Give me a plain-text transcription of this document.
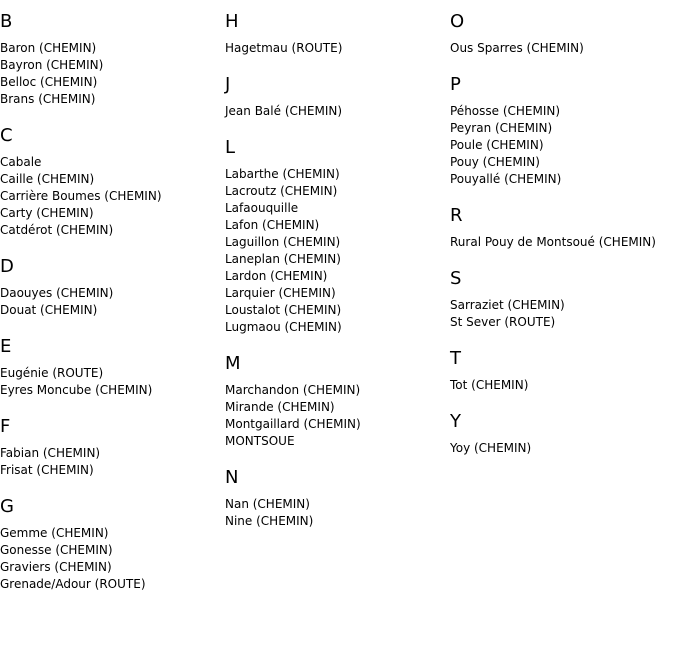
B
Baron (CHEMIN)
Bayron (CHEMIN)
Belloc (CHEMIN)
Brans (CHEMIN)
C
Cabale
Caille (CHEMIN)
Carrière Boumes (CHEMIN)
Carty (CHEMIN)
Catdérot (CHEMIN)
D
Daouyes (CHEMIN)
Douat (CHEMIN)
E
Eugénie (ROUTE)
Eyres Moncube (CHEMIN)
F
Fabian (CHEMIN)
Frisat (CHEMIN)
G
Gemme (CHEMIN)
Gonesse (CHEMIN)
Graviers (CHEMIN)
Grenade/Adour (ROUTE)
H
Hagetmau (ROUTE)
J
Jean Balé (CHEMIN)
L
Labarthe (CHEMIN)
Lacroutz (CHEMIN)
Lafaouquille
Lafon (CHEMIN)
Laguillon (CHEMIN)
Laneplan (CHEMIN)
Lardon (CHEMIN)
Larquier (CHEMIN)
Loustalot (CHEMIN)
Lugmaou (CHEMIN)
M
Marchandon (CHEMIN)
Mirande (CHEMIN)
Montgaillard (CHEMIN)
MONTSOUE
N
Nan (CHEMIN)
Nine (CHEMIN)
O
Ous Sparres (CHEMIN)
P
Péhosse (CHEMIN)
Peyran (CHEMIN)
Poule (CHEMIN)
Pouy (CHEMIN)
Pouyallé (CHEMIN)
R
Rural Pouy de Montsoué (CHEMIN)
S
Sarraziet (CHEMIN)
St Sever (ROUTE)
T
Tot (CHEMIN)
Y
Yoy (CHEMIN)
